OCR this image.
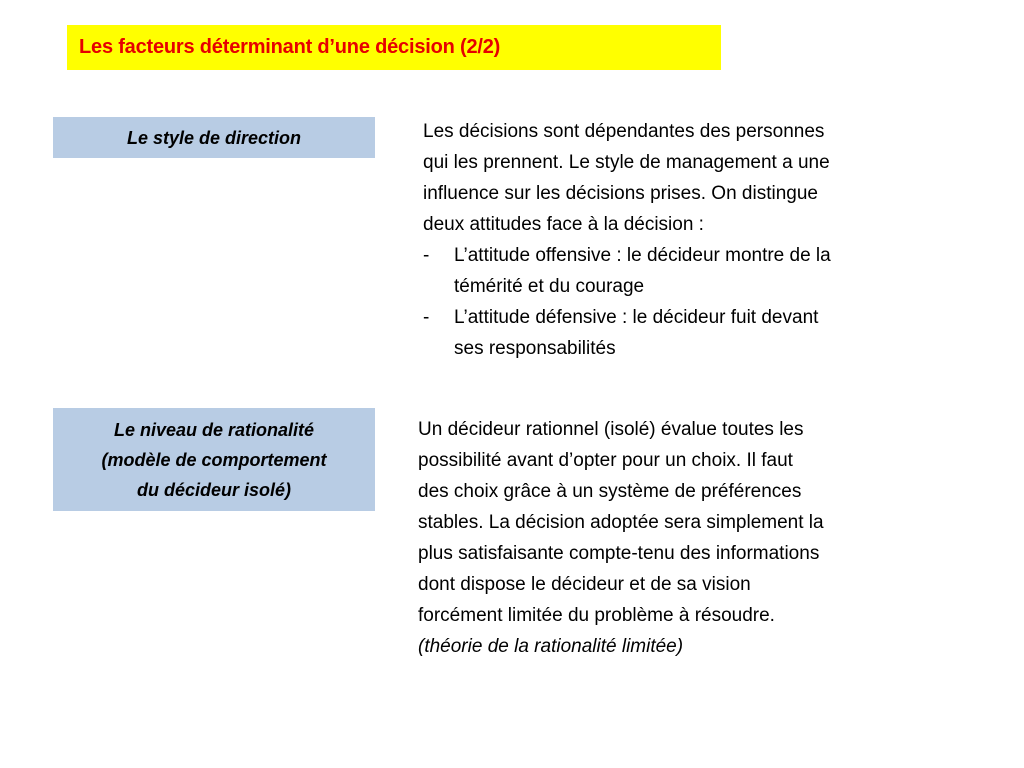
Les facteurs déterminant d’une décision (2/2)
Le style de direction	Les décisions sont dépendantes des personnes
qui les prennent. Le style de management a une
influence sur les décisions prises. On distingue
deux attitudes face à la décision :
- L’attitude offensive : le décideur montre de la
témérité et du courage
- L’attitude défensive : le décideur fuit devant
ses responsabilités
Le niveau de rationalité
(modèle de comportement
du décideur isolé)
Un décideur rationnel (isolé) évalue toutes les
possibilité avant d’opter pour un choix. Il faut
des choix grâce à un système de préférences
stables. La décision adoptée sera simplement la
plus satisfaisante compte-tenu des informations
dont dispose le décideur et de sa vision
forcément limitée du problème à résoudre.
(théorie de la rationalité limitée)
